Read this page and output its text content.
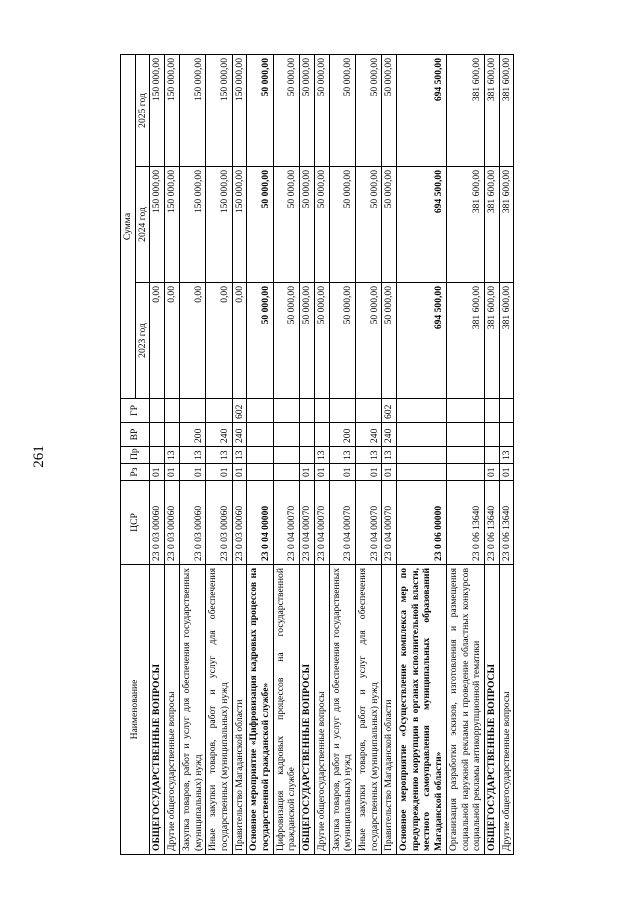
261
Наименование	ЦСР	Рз	Пр	ВР	ГР	Сумма		
						2023 год	2024 год	2025 год
ОБЩЕГОСУДАРСТВЕННЫЕ ВОПРОСЫ	23 0 03 00060	01				0,00	150 000,00	150 000,00
Другие общегосударственные вопросы	23 0 03 00060	01	13			0,00	150 000,00	150 000,00
Закупка товаров, работ и услуг для обеспечения государственных (муниципальных) нужд	23 0 03 00060	01	13	200		0,00	150 000,00	150 000,00
Иные закупки товаров, работ и услуг для обеспечения государственных (муниципальных) нужд	23 0 03 00060	01	13	240		0,00	150 000,00	150 000,00
Правительство Магаданской области	23 0 03 00060	01	13	240	602	0,00	150 000,00	150 000,00
Основное мероприятие «Цифровизация кадровых процессов на государственной гражданской службе»	23 0 04 00000					50 000,00	50 000,00	50 000,00
Цифровизация кадровых процессов на государственной гражданской службе	23 0 04 00070					50 000,00	50 000,00	50 000,00
ОБЩЕГОСУДАРСТВЕННЫЕ ВОПРОСЫ	23 0 04 00070	01				50 000,00	50 000,00	50 000,00
Другие общегосударственные вопросы	23 0 04 00070	01	13			50 000,00	50 000,00	50 000,00
Закупка товаров, работ и услуг для обеспечения государственных (муниципальных) нужд	23 0 04 00070	01	13	200		50 000,00	50 000,00	50 000,00
Иные закупки товаров, работ и услуг для обеспечения государственных (муниципальных) нужд	23 0 04 00070	01	13	240		50 000,00	50 000,00	50 000,00
Правительство Магаданской области	23 0 04 00070	01	13	240	602	50 000,00	50 000,00	50 000,00
Основное мероприятие «Осуществление комплекса мер по предупреждению коррупции в органах исполнительной власти, местного самоуправления муниципальных образований Магаданской области»	23 0 06 00000					694 500,00	694 500,00	694 500,00
Организация разработки эскизов, изготовления и размещения социальной наружной рекламы и проведение областных конкурсов социальной рекламы антикоррупционной тематики	23 0 06 13640					381 600,00	381 600,00	381 600,00
ОБЩЕГОСУДАРСТВЕННЫЕ ВОПРОСЫ	23 0 06 13640	01				381 600,00	381 600,00	381 600,00
Другие общегосударственные вопросы	23 0 06 13640	01	13			381 600,00	381 600,00	381 600,00
